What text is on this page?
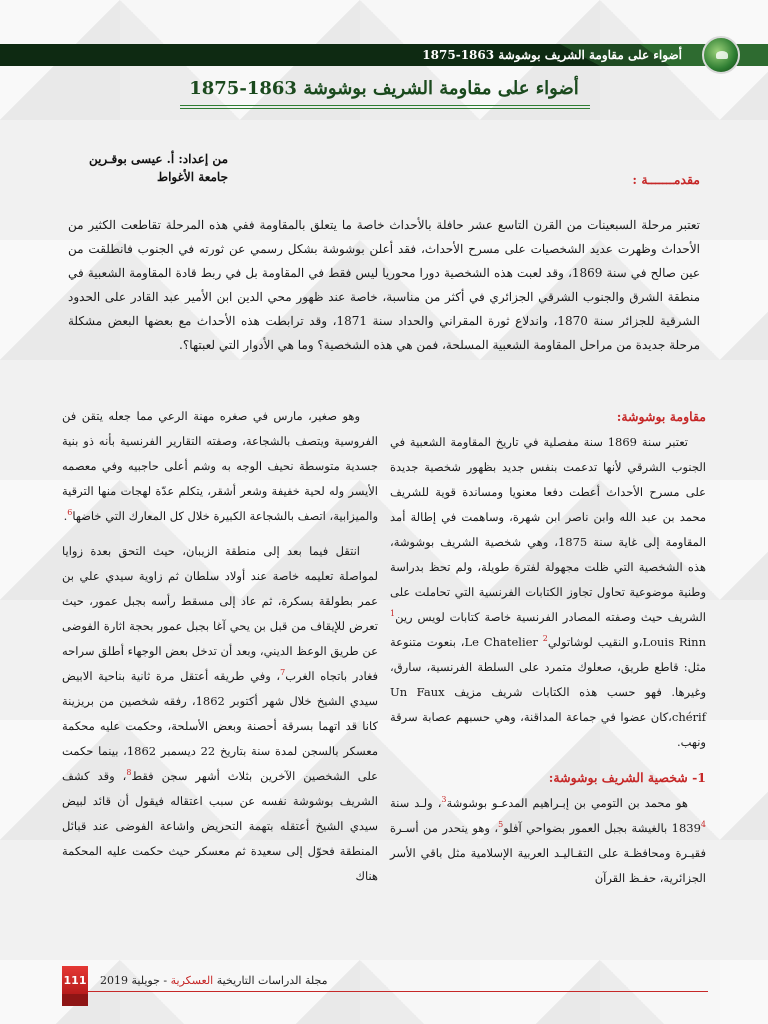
أضواء على مقاومة الشريف بوشوشة 1863-1875
أضواء على مقاومة الشريف بوشوشة 1863-1875
من إعداد: أ. عيسى بوقـرين
جامعة الأغواط	مقدمـــــــة :

تعتبر مرحلة السبعينات من القرن التاسع عشر حافلة بالأحداث خاصة ما يتعلق بالمقاومة ففي هذه المرحلة تقاطعت الكثير من الأحداث وظهرت عديد الشخصيات على مسرح الأحداث، فقد أعلن بوشوشة بشكل رسمي عن ثورته في الجنوب فانطلقت من عين صالح في سنة 1869، وقد لعبت هذه الشخصية دورا محوريا ليس فقط في المقاومة بل في ربط قادة المقاومة الشعبية في منطقة الشرق والجنوب الشرقي الجزائري في أكثر من مناسبة، خاصة عند ظهور محي الدين ابن الأمير عبد القادر على الحدود الشرقية للجزائر سنة 1870، واندلاع ثورة المقراني والحداد سنة 1871، وقد ترابطت هذه الأحداث مع بعضها البعض مشكلة مرحلة جديدة من مراحل المقاومة الشعبية المسلحة، فمن هي هذه الشخصية؟ وما هي الأدوار التي لعبتها؟.

مقاومة بوشوشة:

تعتبر سنة 1869 سنة مفصلية في تاريخ المقاومة الشعبية في الجنوب الشرقي لأنها تدعمت بنفس جديد بظهور شخصية جديدة على مسرح الأحداث أعطت دفعا معنويا ومساندة قوية للشريف محمد بن عبد الله وابن ناصر ابن شهرة، وساهمت في إطالة أمد المقاومة إلى غاية سنة 1875، وهي شخصية الشريف بوشوشة، هذه الشخصية التي ظلت مجهولة لفترة طويلة، ولم تحظ بدراسة وطنية موضوعية تحاول تجاوز الكتابات الفرنسية التي تحاملت على الشريف حيث وصفته المصادر الفرنسية خاصة كتابات لويس رين$^1$ Louis Rinn،و النقيب لوشاتولي$^2$ Le Chatelier، بنعوت متنوعة مثل: قاطع طريق، صعلوك متمرد على السلطة الفرنسية، سارق، وغيرها. فهو حسب هذه الكتابات شريف مزيف Un Faux chérif،كان عضوا في جماعة المداقنة، وهي حسبهم عصابة سرقة ونهب.

1- شخصية الشريف بوشوشة:

هو محمد بن التومي بن إبـراهيم المدعـو بوشوشة$^3$، ولـد سنة 1839$^4$ بالغيشة بجبل العمور بضواحي آفلو$^5$، وهو ينحدر من أسـرة فقيـرة ومحافظـة على التقـاليـد العربية الإسلامية مثل باقي الأسر الجزائرية، حفـظ القرآن

وهو صغير، مارس في صغره مهنة الرعي مما جعله يتقن فن الفروسية ويتصف بالشجاعة، وصفته التقارير الفرنسية بأنه ذو بنية جسدية متوسطة نحيف الوجه به وشم أعلى حاجبيه وفي معصمه الأيسر وله لحية خفيفة وشعر أشقر، يتكلم عدّة لهجات منها الترقية والميزابية، اتصف بالشجاعة الكبيرة خلال كل المعارك التي خاضها$^6$.

انتقل فيما بعد إلى منطقة الزيبان، حيث التحق بعدة زوايا لمواصلة تعليمه خاصة عند أولاد سلطان ثم زاوية سيدي علي بن عمر بطولقة بسكرة، ثم عاد إلى مسقط رأسه بجبل عمور، حيث تعرض للإيقاف من قبل بن يحي آغا بجبل عمور بحجة اثارة الفوضى عن طريق الوعظ الديني، وبعد أن تدخل بعض الوجهاء أطلق سراحه فغادر باتجاه الغرب$^7$، وفي طريقه أعتقل مرة ثانية بناحية الابيض سيدي الشيخ خلال شهر أكتوبر 1862، رفقه شخصين من بريزينة كانا قد اتهما بسرقة أحصنة وبعض الأسلحة، وحكمت عليه محكمة معسكر بالسجن لمدة سنة بتاريخ 22 ديسمبر 1862، بينما حكمت على الشخصين الآخرين بثلاث أشهر سجن فقط$^8$، وقد كشف الشريف بوشوشة نفسه عن سبب اعتقاله فيقول أن قائد لبيض سيدي الشيخ أعتقله بتهمة التحريض واشاعة الفوضى عند قبائل المنطقة فحوّل إلى سعيدة ثم معسكر حيث حكمت عليه المحكمة هناك

مجلة الدراسات التاريخية العسكرية - جويلية 2019
111
